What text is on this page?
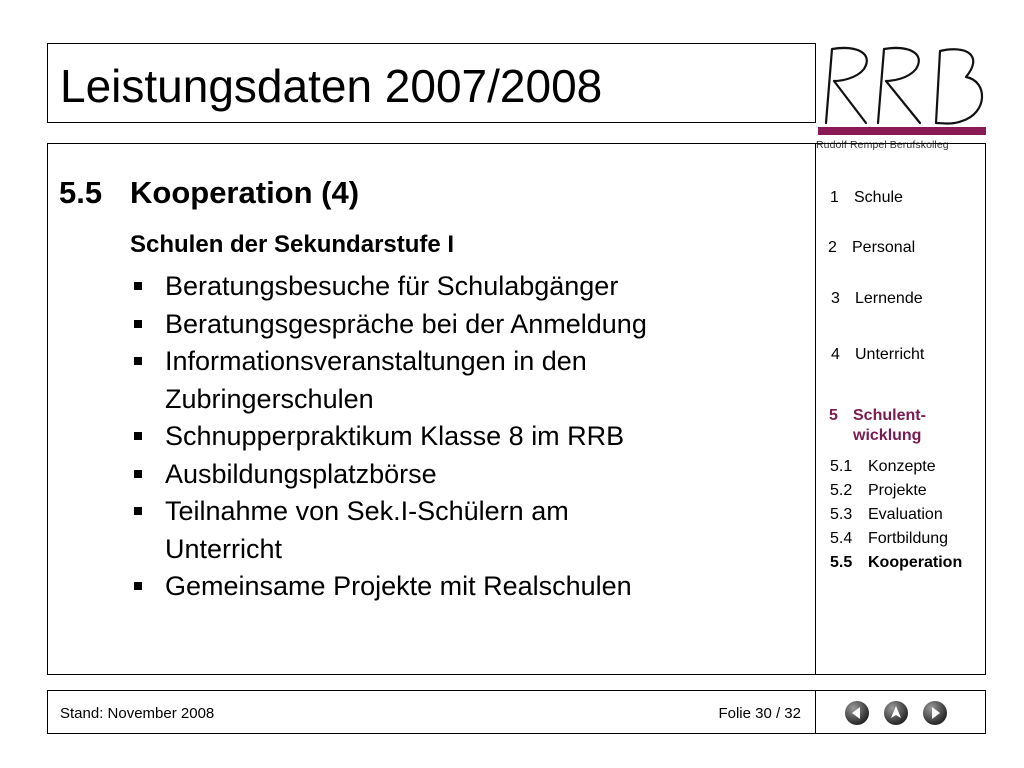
Leistungsdaten 2007/2008
Rudolf Rempel Berufskolleg
5.5 Kooperation (4)
Schulen der Sekundarstufe I
Beratungsbesuche für Schulabgänger
Beratungsgespräche bei der Anmeldung
Informationsveranstaltungen in den Zubringerschulen
Schnupperpraktikum Klasse 8 im RRB
Ausbildungsplatzbörse
Teilnahme von Sek.I-Schülern am Unterricht
Gemeinsame Projekte mit Realschulen
1 Schule
2 Personal
3 Lernende
4 Unterricht
5 Schulent-
wicklung
5.1 Konzepte
5.2 Projekte
5.3 Evaluation
5.4 Fortbildung
5.5 Kooperation
Stand: November 2008	Folie 30 / 32
